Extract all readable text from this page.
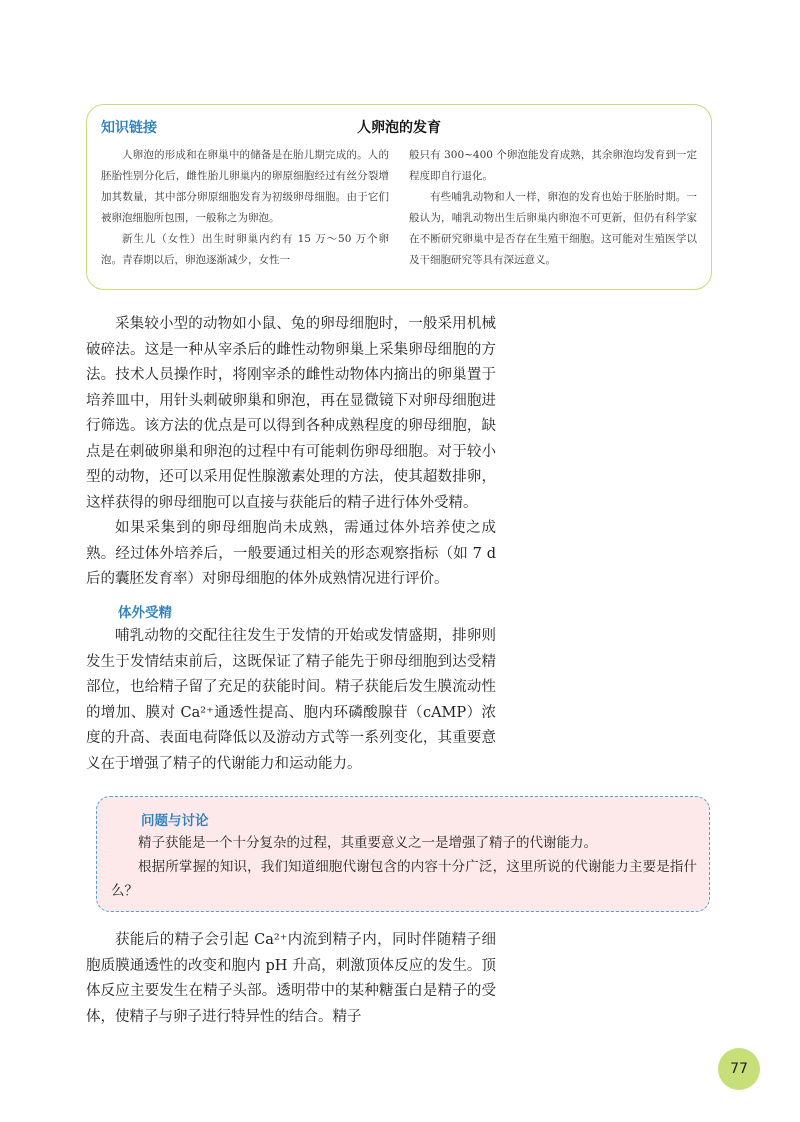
知识链接	人卵泡的发育

人卵泡的形成和在卵巢中的储备是在胎儿期完成的。人的胚胎性别分化后，雌性胎儿卵巢内的卵原细胞经过有丝分裂增加其数量，其中部分卵原细胞发育为初级卵母细胞。由于它们被卵泡细胞所包围，一般称之为卵泡。

新生儿（女性）出生时卵巢内约有 15 万～50 万个卵泡。青春期以后，卵泡逐渐减少，女性一

般只有 300~400 个卵泡能发育成熟，其余卵泡均发育到一定程度即自行退化。

有些哺乳动物和人一样，卵泡的发育也始于胚胎时期。一般认为，哺乳动物出生后卵巢内卵泡不可更新，但仍有科学家在不断研究卵巢中是否存在生殖干细胞。这可能对生殖医学以及干细胞研究等具有深远意义。

采集较小型的动物如小鼠、兔的卵母细胞时，一般采用机械破碎法。这是一种从宰杀后的雌性动物卵巢上采集卵母细胞的方法。技术人员操作时，将刚宰杀的雌性动物体内摘出的卵巢置于培养皿中，用针头刺破卵巢和卵泡，再在显微镜下对卵母细胞进行筛选。该方法的优点是可以得到各种成熟程度的卵母细胞，缺点是在刺破卵巢和卵泡的过程中有可能刺伤卵母细胞。对于较小型的动物，还可以采用促性腺激素处理的方法，使其超数排卵，这样获得的卵母细胞可以直接与获能后的精子进行体外受精。

如果采集到的卵母细胞尚未成熟，需通过体外培养使之成熟。经过体外培养后，一般要通过相关的形态观察指标（如 7 d 后的囊胚发育率）对卵母细胞的体外成熟情况进行评价。

体外受精

哺乳动物的交配往往发生于发情的开始或发情盛期，排卵则发生于发情结束前后，这既保证了精子能先于卵母细胞到达受精部位，也给精子留了充足的获能时间。精子获能后发生膜流动性的增加、膜对 Ca²⁺通透性提高、胞内环磷酸腺苷（cAMP）浓度的升高、表面电荷降低以及游动方式等一系列变化，其重要意义在于增强了精子的代谢能力和运动能力。

问题与讨论

精子获能是一个十分复杂的过程，其重要意义之一是增强了精子的代谢能力。

根据所掌握的知识，我们知道细胞代谢包含的内容十分广泛，这里所说的代谢能力主要是指什么？

获能后的精子会引起 Ca²⁺内流到精子内，同时伴随精子细胞质膜通透性的改变和胞内 pH 升高，刺激顶体反应的发生。顶体反应主要发生在精子头部。透明带中的某种糖蛋白是精子的受体，使精子与卵子进行特异性的结合。精子

77
